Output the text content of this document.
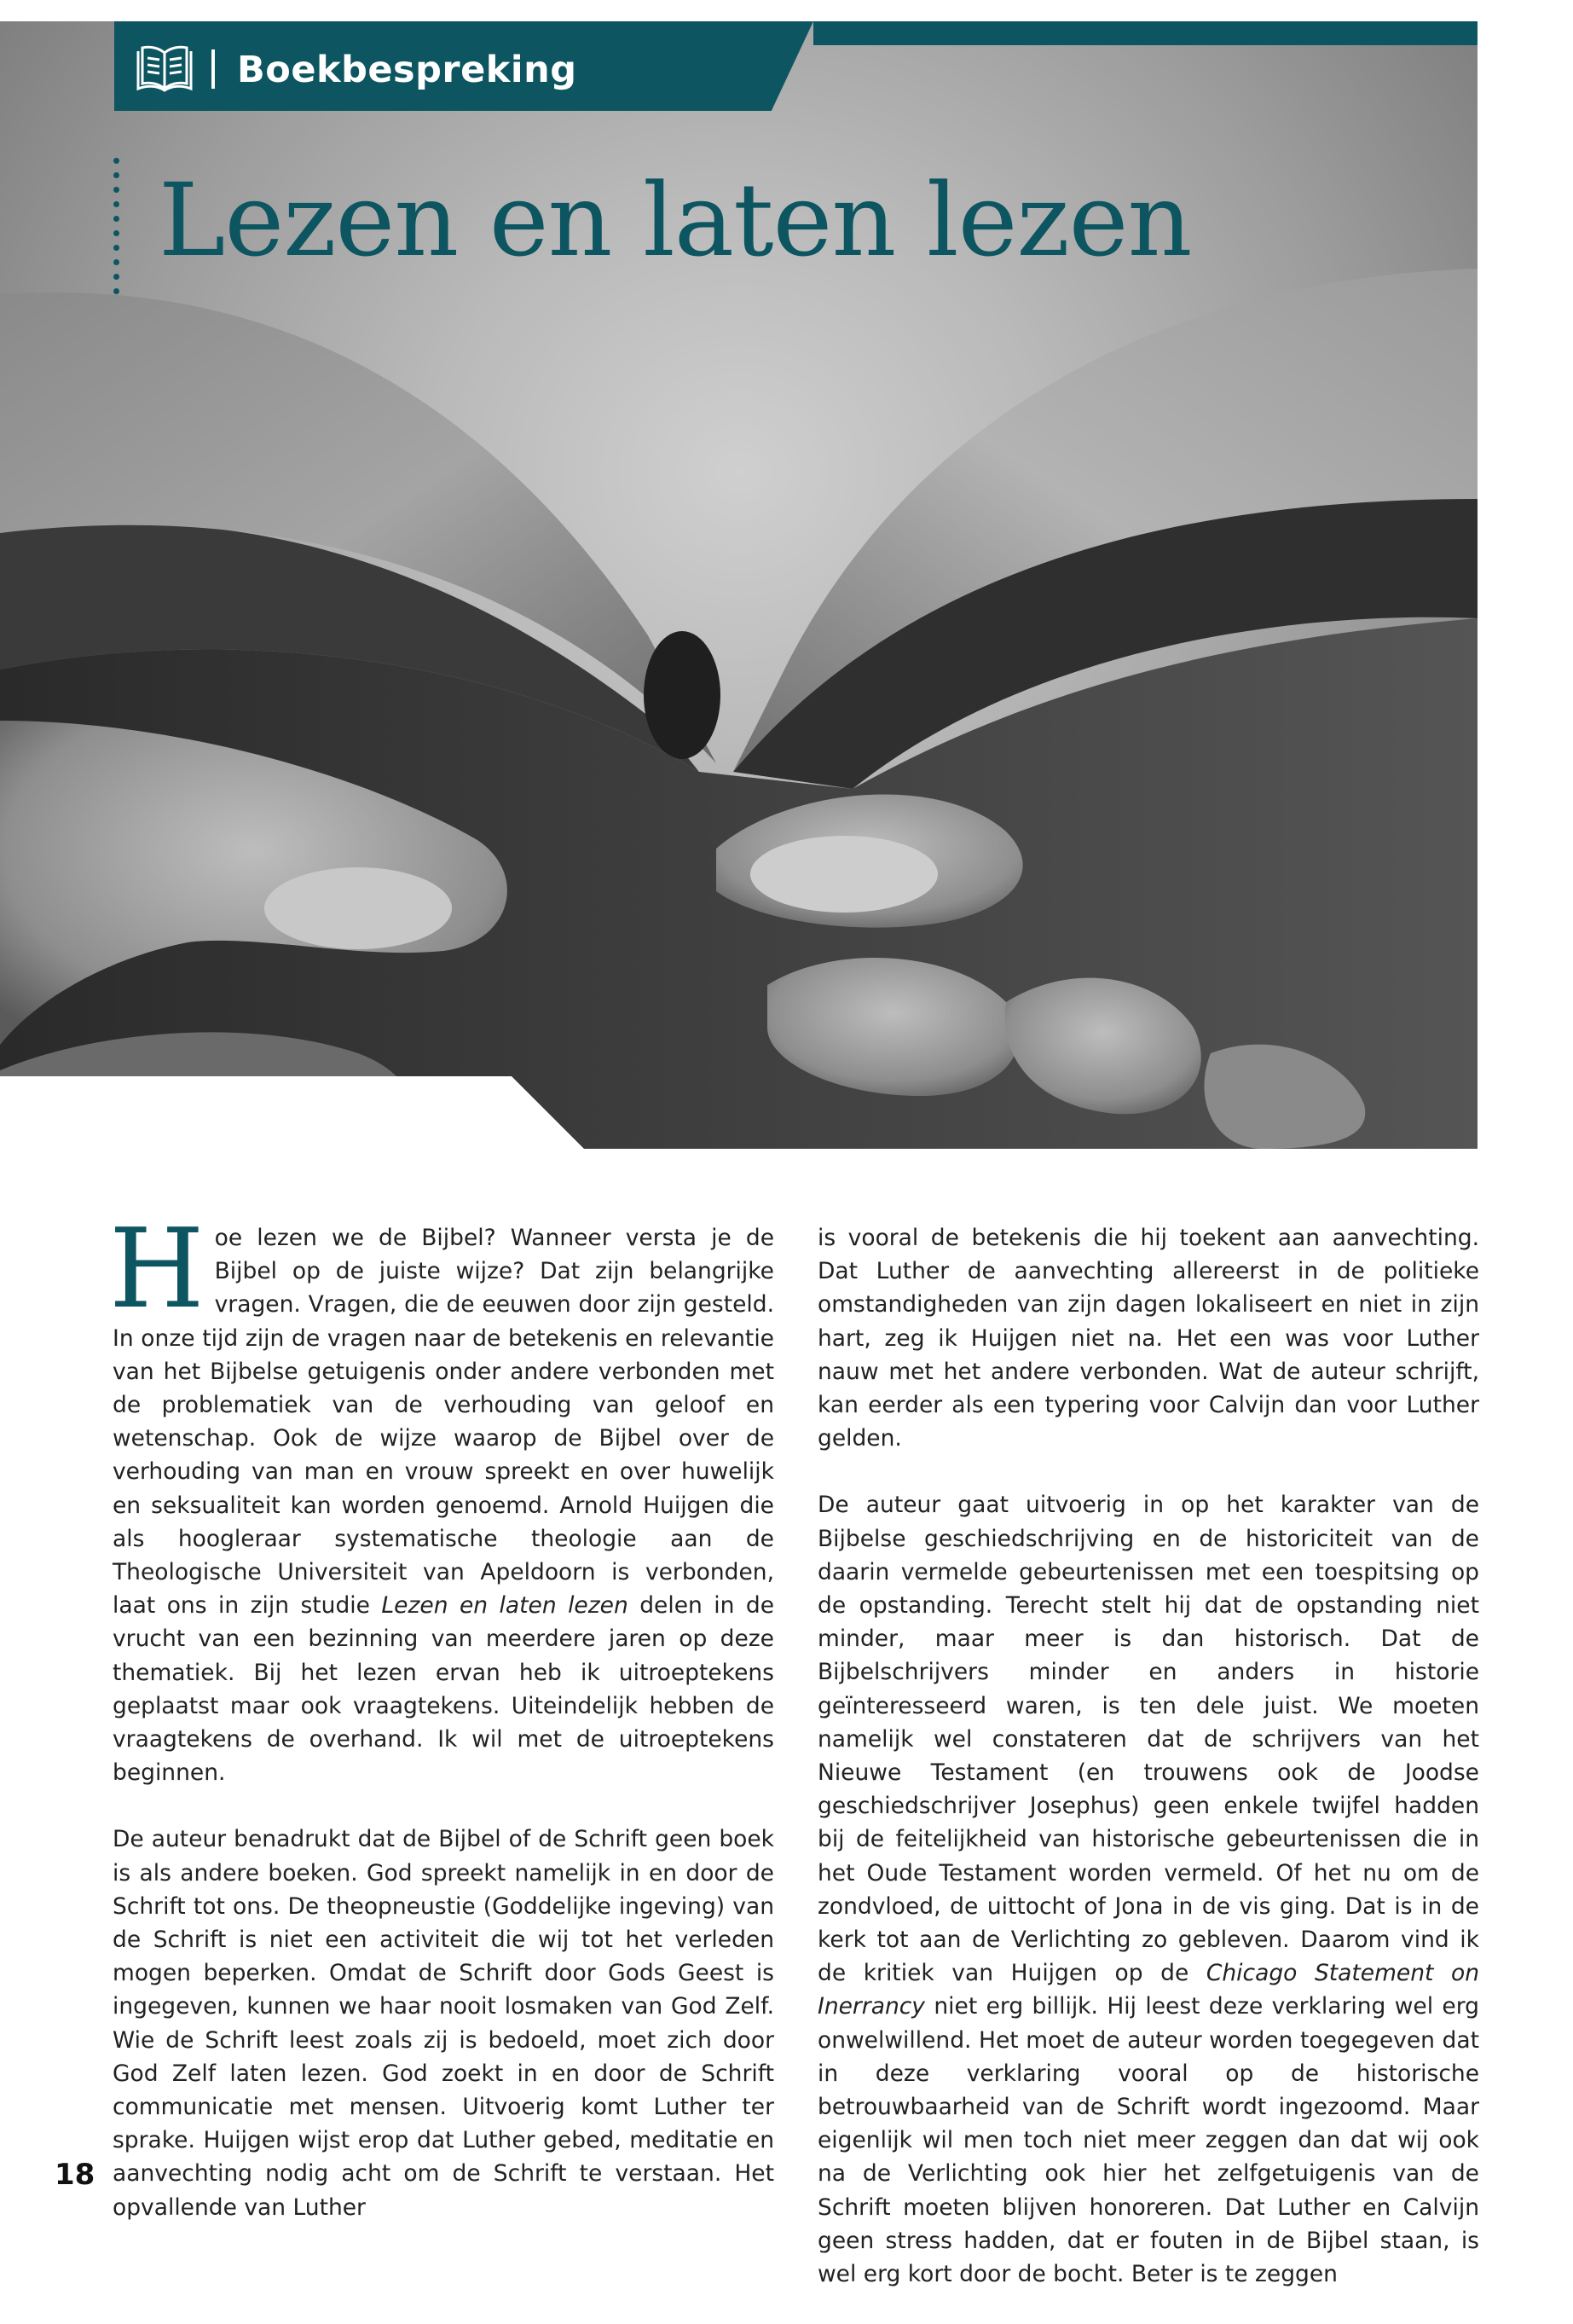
Boekbespreking
Lezen en laten lezen

Hoe lezen we de Bijbel? Wanneer versta je de Bijbel op de juiste wijze? Dat zijn belangrijke vragen. Vragen, die de eeuwen door zijn gesteld. In onze tijd zijn de vragen naar de betekenis en relevantie van het Bijbelse getuigenis onder andere verbonden met de problematiek van de verhouding van geloof en wetenschap. Ook de wijze waarop de Bijbel over de verhouding van man en vrouw spreekt en over huwelijk en seksualiteit kan worden genoemd. Arnold Huijgen die als hoogleraar systematische theologie aan de Theologische Universiteit van Apeldoorn is verbonden, laat ons in zijn studie Lezen en laten lezen delen in de vrucht van een bezinning van meerdere jaren op deze thematiek. Bij het lezen ervan heb ik uitroeptekens geplaatst maar ook vraagtekens. Uiteindelijk hebben de vraagtekens de overhand. Ik wil met de uitroeptekens beginnen.

De auteur benadrukt dat de Bijbel of de Schrift geen boek is als andere boeken. God spreekt namelijk in en door de Schrift tot ons. De theopneustie (Goddelijke ingeving) van de Schrift is niet een activiteit die wij tot het verleden mogen beperken. Omdat de Schrift door Gods Geest is ingegeven, kunnen we haar nooit losmaken van God Zelf. Wie de Schrift leest zoals zij is bedoeld, moet zich door God Zelf laten lezen. God zoekt in en door de Schrift communicatie met mensen. Uitvoerig komt Luther ter sprake. Huijgen wijst erop dat Luther gebed, meditatie en aanvechting nodig acht om de Schrift te verstaan. Het opvallende van Luther

is vooral de betekenis die hij toekent aan aanvechting. Dat Luther de aanvechting allereerst in de politieke omstandigheden van zijn dagen lokaliseert en niet in zijn hart, zeg ik Huijgen niet na. Het een was voor Luther nauw met het andere verbonden. Wat de auteur schrijft, kan eerder als een typering voor Calvijn dan voor Luther gelden.

De auteur gaat uitvoerig in op het karakter van de Bijbelse geschiedschrijving en de historiciteit van de daarin vermelde gebeurtenissen met een toespitsing op de opstanding. Terecht stelt hij dat de opstanding niet minder, maar meer is dan historisch. Dat de Bijbelschrijvers minder en anders in historie geïnteresseerd waren, is ten dele juist. We moeten namelijk wel constateren dat de schrijvers van het Nieuwe Testament (en trouwens ook de Joodse geschiedschrijver Josephus) geen enkele twijfel hadden bij de feitelijkheid van historische gebeurtenissen die in het Oude Testament worden vermeld. Of het nu om de zondvloed, de uittocht of Jona in de vis ging. Dat is in de kerk tot aan de Verlichting zo gebleven. Daarom vind ik de kritiek van Huijgen op de Chicago Statement on Inerrancy niet erg billijk. Hij leest deze verklaring wel erg onwelwillend. Het moet de auteur worden toegegeven dat in deze verklaring vooral op de historische betrouwbaarheid van de Schrift wordt ingezoomd. Maar eigenlijk wil men toch niet meer zeggen dan dat wij ook na de Verlichting ook hier het zelfgetuigenis van de Schrift moeten blijven honoreren. Dat Luther en Calvijn geen stress hadden, dat er fouten in de Bijbel staan, is wel erg kort door de bocht. Beter is te zeggen

18
